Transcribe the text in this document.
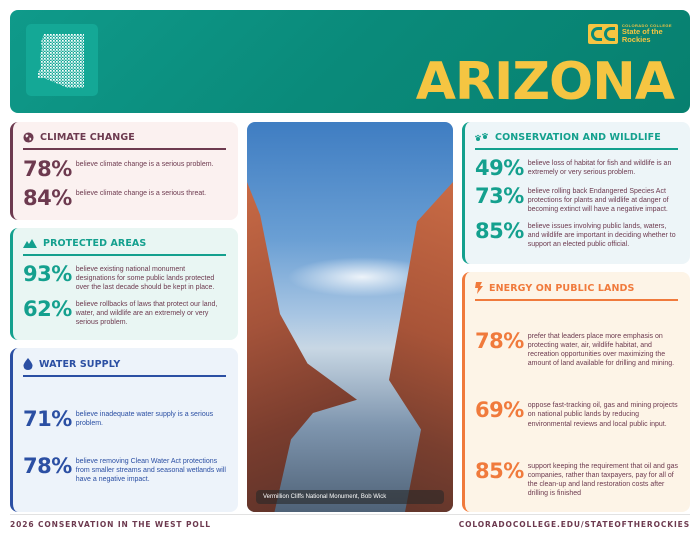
COLORADO COLLEGE
State of the
Rockies
ARIZONA
CLIMATE CHANGE
78% believe climate change is a serious problem.
84% believe climate change is a serious threat.
PROTECTED AREAS
93% believe existing national monument designations for some public lands protected over the last decade should be kept in place.
62% believe rollbacks of laws that protect our land, water, and wildlife are an extremely or very serious problem.
WATER SUPPLY
71% believe inadequate water supply is a serious problem.
78% believe removing Clean Water Act protections from smaller streams and seasonal wetlands will have a negative impact.
Vermillion Cliffs National Monument, Bob Wick
CONSERVATION AND WILDLIFE
49% believe loss of habitat for fish and wildlife is an extremely or very serious problem.
73% believe rolling back Endangered Species Act protections for plants and wildlife at danger of becoming extinct will have a negative impact.
85% believe issues involving public lands, waters, and wildlife are important in deciding whether to support an elected public official.
ENERGY ON PUBLIC LANDS
78% prefer that leaders place more emphasis on protecting water, air, wildlife habitat, and recreation opportunities over maximizing the amount of land available for drilling and mining.
69% oppose fast-tracking oil, gas and mining projects on national public lands by reducing environmental reviews and local public input.
85% support keeping the requirement that oil and gas companies, rather than taxpayers, pay for all of the clean-up and land restoration costs after drilling is finished
2026 CONSERVATION IN THE WEST POLL	COLORADOCOLLEGE.EDU/STATEOFTHEROCKIES
